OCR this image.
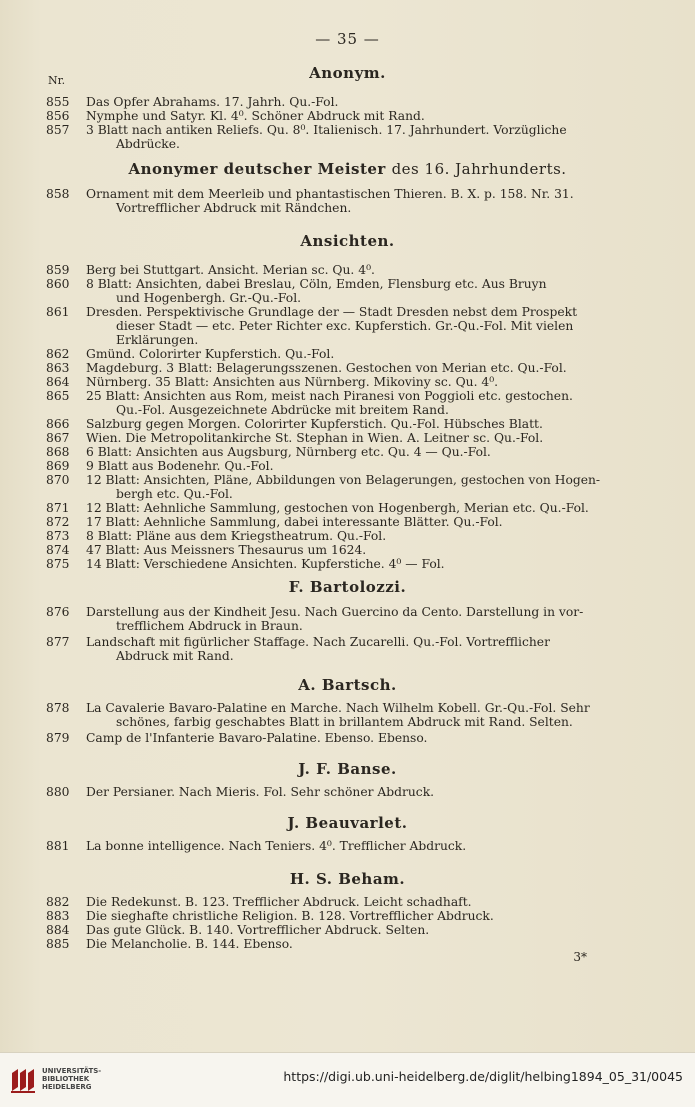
— 35 —
Nr.	Anonym.
855	Das Opfer Abrahams. 17. Jahrh. Qu.-Fol.
856	Nymphe und Satyr. Kl. 4⁰. Schöner Abdruck mit Rand.
857	3 Blatt nach antiken Reliefs. Qu. 8⁰. Italienisch. 17. Jahrhundert. Vorzügliche
Abdrücke.
Anonymer deutscher Meister des 16. Jahrhunderts.
858	Ornament mit dem Meerleib und phantastischen Thieren. B. X. p. 158. Nr. 31.
Vortrefflicher Abdruck mit Rändchen.
Ansichten.
859	Berg bei Stuttgart. Ansicht. Merian sc. Qu. 4⁰.
860	8 Blatt: Ansichten, dabei Breslau, Cöln, Emden, Flensburg etc. Aus Bruyn
und Hogenbergh. Gr.-Qu.-Fol.
861	Dresden. Perspektivische Grundlage der — Stadt Dresden nebst dem Prospekt
dieser Stadt — etc. Peter Richter exc. Kupferstich. Gr.-Qu.-Fol. Mit vielen
Erklärungen.
862	Gmünd. Colorirter Kupferstich. Qu.-Fol.
863	Magdeburg. 3 Blatt: Belagerungsszenen. Gestochen von Merian etc. Qu.-Fol.
864	Nürnberg. 35 Blatt: Ansichten aus Nürnberg. Mikoviny sc. Qu. 4⁰.
865	25 Blatt: Ansichten aus Rom, meist nach Piranesi von Poggioli etc. gestochen.
Qu.-Fol. Ausgezeichnete Abdrücke mit breitem Rand.
866	Salzburg gegen Morgen. Colorirter Kupferstich. Qu.-Fol. Hübsches Blatt.
867	Wien. Die Metropolitankirche St. Stephan in Wien. A. Leitner sc. Qu.-Fol.
868	6 Blatt: Ansichten aus Augsburg, Nürnberg etc. Qu. 4 — Qu.-Fol.
869	9 Blatt aus Bodenehr. Qu.-Fol.
870	12 Blatt: Ansichten, Pläne, Abbildungen von Belagerungen, gestochen von Hogen-
bergh etc. Qu.-Fol.
871	12 Blatt: Aehnliche Sammlung, gestochen von Hogenbergh, Merian etc. Qu.-Fol.
872	17 Blatt: Aehnliche Sammlung, dabei interessante Blätter. Qu.-Fol.
873	8 Blatt: Pläne aus dem Kriegstheatrum. Qu.-Fol.
874	47 Blatt: Aus Meissners Thesaurus um 1624.
875	14 Blatt: Verschiedene Ansichten. Kupferstiche. 4⁰ — Fol.
F. Bartolozzi.
876	Darstellung aus der Kindheit Jesu. Nach Guercino da Cento. Darstellung in vor-
trefflichem Abdruck in Braun.
877	Landschaft mit figürlicher Staffage. Nach Zucarelli. Qu.-Fol. Vortrefflicher
Abdruck mit Rand.
A. Bartsch.
878	La Cavalerie Bavaro-Palatine en Marche. Nach Wilhelm Kobell. Gr.-Qu.-Fol. Sehr
schönes, farbig geschabtes Blatt in brillantem Abdruck mit Rand. Selten.
879	Camp de l'Infanterie Bavaro-Palatine. Ebenso. Ebenso.
J. F. Banse.
880	Der Persianer. Nach Mieris. Fol. Sehr schöner Abdruck.
J. Beauvarlet.
881	La bonne intelligence. Nach Teniers. 4⁰. Trefflicher Abdruck.
H. S. Beham.
882	Die Redekunst. B. 123. Trefflicher Abdruck. Leicht schadhaft.
883	Die sieghafte christliche Religion. B. 128. Vortrefflicher Abdruck.
884	Das gute Glück. B. 140. Vortrefflicher Abdruck. Selten.
885	Die Melancholie. B. 144. Ebenso.
3*
UNIVERSITÄTS-
BIBLIOTHEK
HEIDELBERG
https://digi.ub.uni-heidelberg.de/diglit/helbing1894_05_31/0045
